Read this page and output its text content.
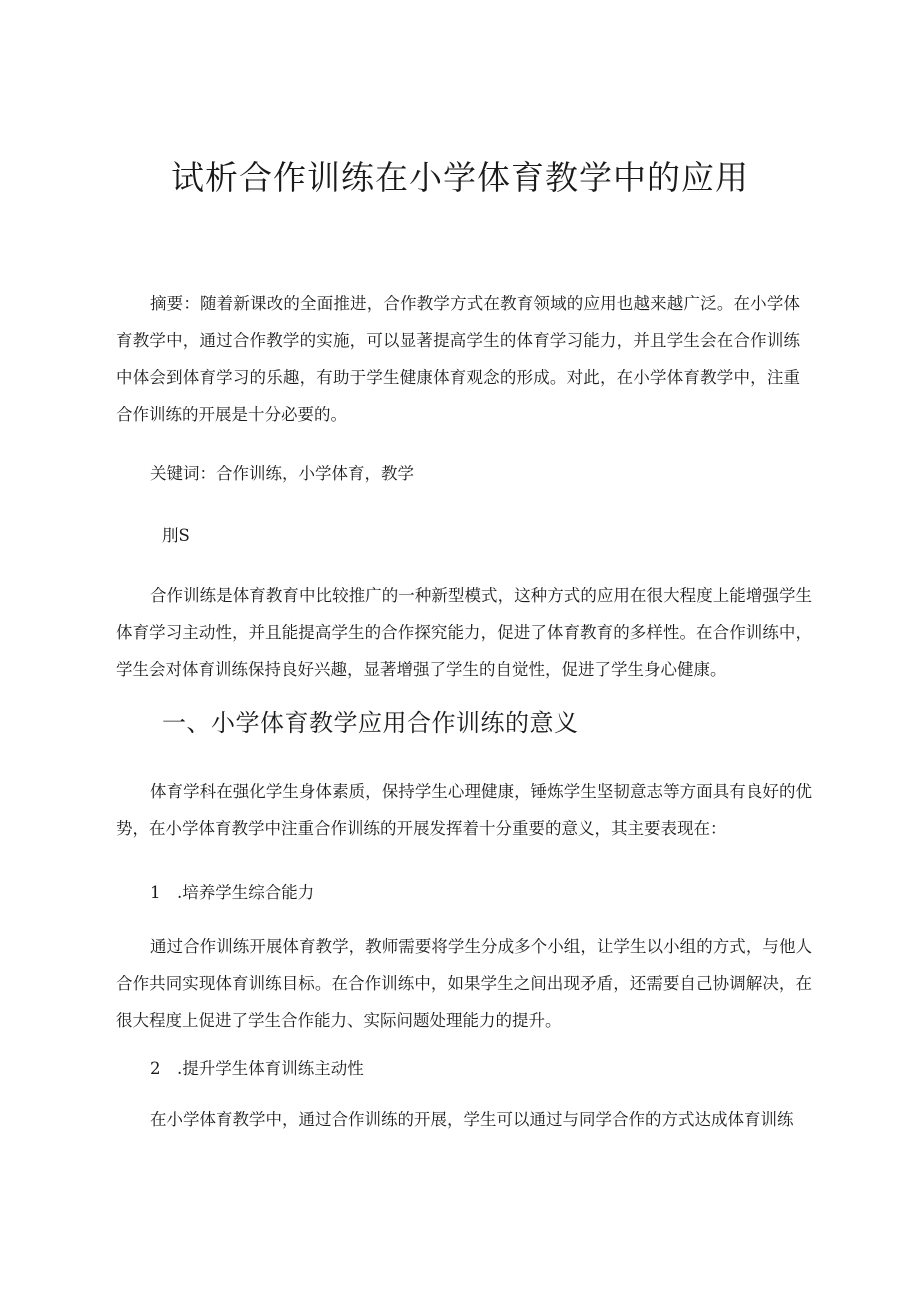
试析合作训练在小学体育教学中的应用

摘要：随着新课改的全面推进，合作教学方式在教育领域的应用也越来越广泛。在小学体育教学中，通过合作教学的实施，可以显著提高学生的体育学习能力，并且学生会在合作训练中体会到体育学习的乐趣，有助于学生健康体育观念的形成。对此，在小学体育教学中，注重合作训练的开展是十分必要的。

关键词：合作训练，小学体育，教学

刖S

合作训练是体育教育中比较推广的一种新型模式，这种方式的应用在很大程度上能增强学生体育学习主动性，并且能提高学生的合作探究能力，促进了体育教育的多样性。在合作训练中，学生会对体育训练保持良好兴趣，显著增强了学生的自觉性，促进了学生身心健康。

一、小学体育教学应用合作训练的意义

体育学科在强化学生身体素质，保持学生心理健康，锤炼学生坚韧意志等方面具有良好的优势，在小学体育教学中注重合作训练的开展发挥着十分重要的意义，其主要表现在：

1　.培养学生综合能力

通过合作训练开展体育教学，教师需要将学生分成多个小组，让学生以小组的方式，与他人合作共同实现体育训练目标。在合作训练中，如果学生之间出现矛盾，还需要自己协调解决，在很大程度上促进了学生合作能力、实际问题处理能力的提升。

2　.提升学生体育训练主动性

在小学体育教学中，通过合作训练的开展，学生可以通过与同学合作的方式达成体育训练
